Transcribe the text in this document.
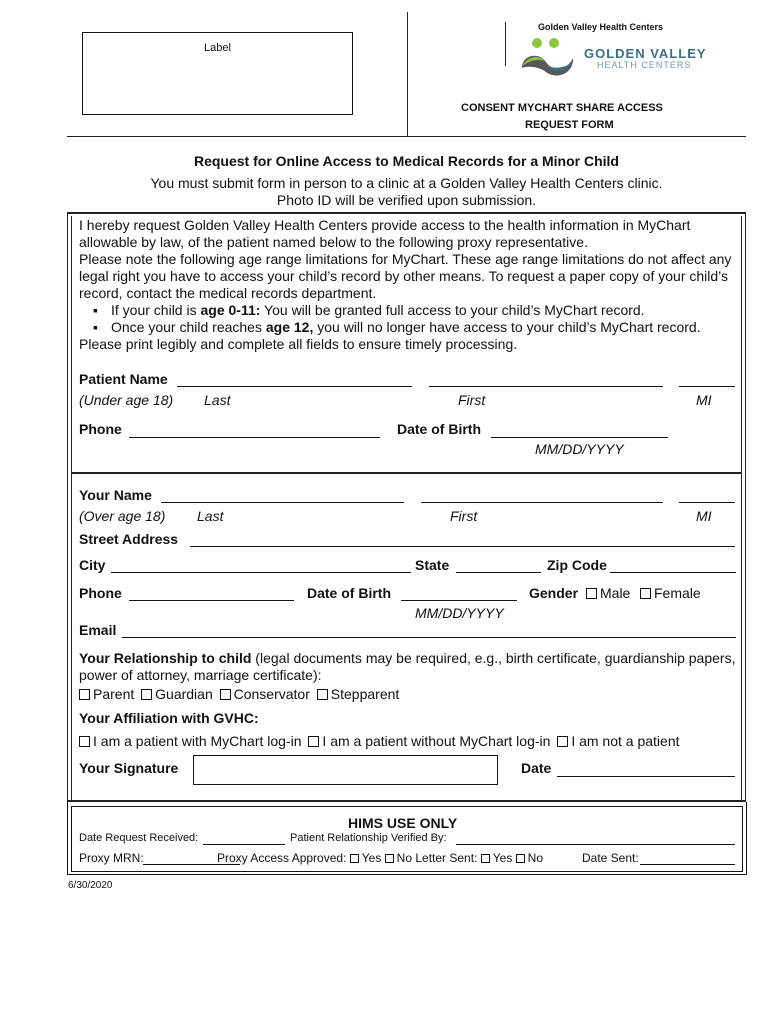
Label
Golden Valley Health Centers
GOLDEN VALLEY
HEALTH CENTERS
CONSENT MYCHART SHARE ACCESS
REQUEST FORM
Request for Online Access to Medical Records for a Minor Child
You must submit form in person to a clinic at a Golden Valley Health Centers clinic.
Photo ID will be verified upon submission.

I hereby request Golden Valley Health Centers provide access to the health information in MyChart allowable by law, of the patient named below to the following proxy representative.

Please note the following age range limitations for MyChart. These age range limitations do not affect any legal right you have to access your child’s record by other means. To request a paper copy of your child’s record, contact the medical records department.

▪ If your child is age 0-11: You will be granted full access to your child’s MyChart record.

▪ Once your child reaches age 12, you will no longer have access to your child’s MyChart record.

Please print legibly and complete all fields to ensure timely processing.

Patient Name
(Under age 18) Last	First	MI
Phone	Date of Birth
MM/DD/YYYY
Your Name
(Over age 18) Last	First	MI
Street Address
City	State	Zip Code
Phone	Date of Birth	Gender	Male	Female
MM/DD/YYYY
Email

Your Relationship to child (legal documents may be required, e.g., birth certificate, guardianship papers, power of attorney, marriage certificate):

Parent Guardian Conservator Stepparent
Your Affiliation with GVHC:
I am a patient with MyChart log-in I am a patient without MyChart log-in I am not a patient
Your Signature	Date
HIMS USE ONLY
Date Request Received:	Patient Relationship Verified By:
Proxy MRN:	Proxy Access Approved: Yes No Letter Sent: Yes No	Date Sent:
6/30/2020
